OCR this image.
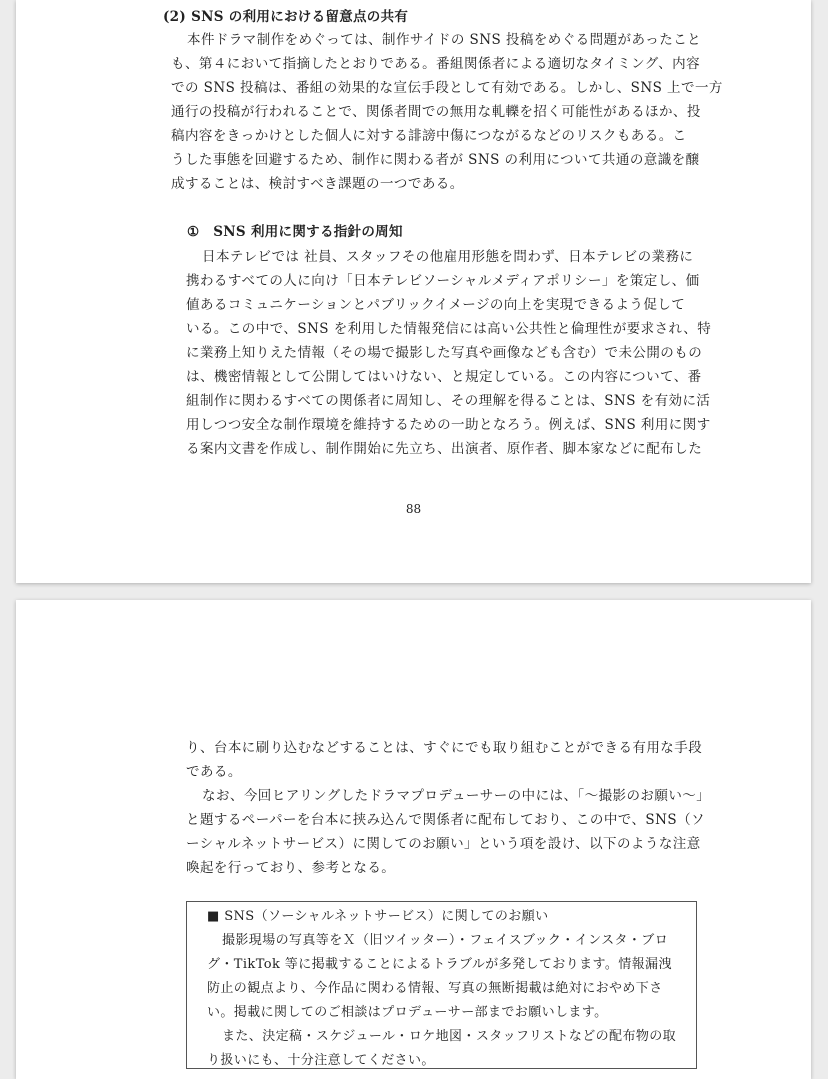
(2) SNS の利用における留意点の共有
本件ドラマ制作をめぐっては、制作サイドの SNS 投稿をめぐる問題があったこと
も、第４において指摘したとおりである。番組関係者による適切なタイミング、内容
での SNS 投稿は、番組の効果的な宣伝手段として有効である。しかし、SNS 上で一方
通行の投稿が行われることで、関係者間での無用な軋轢を招く可能性があるほか、投
稿内容をきっかけとした個人に対する誹謗中傷につながるなどのリスクもある。こ
うした事態を回避するため、制作に関わる者が SNS の利用について共通の意識を醸
成することは、検討すべき課題の一つである。
①　SNS 利用に関する指針の周知
日本テレビでは 社員、スタッフその他雇用形態を問わず、日本テレビの業務に
携わるすべての人に向け「日本テレビソーシャルメディアポリシー」を策定し、価
値あるコミュニケーションとパブリックイメージの向上を実現できるよう促して
いる。この中で、SNS を利用した情報発信には高い公共性と倫理性が要求され、特
に業務上知りえた情報（その場で撮影した写真や画像なども含む）で未公開のもの
は、機密情報として公開してはいけない、と規定している。この内容について、番
組制作に関わるすべての関係者に周知し、その理解を得ることは、SNS を有効に活
用しつつ安全な制作環境を維持するための一助となろう。例えば、SNS 利用に関す
る案内文書を作成し、制作開始に先立ち、出演者、原作者、脚本家などに配布した
88
り、台本に刷り込むなどすることは、すぐにでも取り組むことができる有用な手段
である。
なお、今回ヒアリングしたドラマプロデューサーの中には、「～撮影のお願い～」
と題するペーパーを台本に挟み込んで関係者に配布しており、この中で、SNS（ソ
ーシャルネットサービス）に関してのお願い」という項を設け、以下のような注意
喚起を行っており、参考となる。
■ SNS（ソーシャルネットサービス）に関してのお願い
撮影現場の写真等をＸ（旧ツイッター）・フェイスブック・インスタ・ブロ
グ・TikTok 等に掲載することによるトラブルが多発しております。情報漏洩
防止の観点より、今作品に関わる情報、写真の無断掲載は絶対におやめ下さ
い。掲載に関してのご相談はプロデューサー部までお願いします。
また、決定稿・スケジュール・ロケ地図・スタッフリストなどの配布物の取
り扱いにも、十分注意してください。
